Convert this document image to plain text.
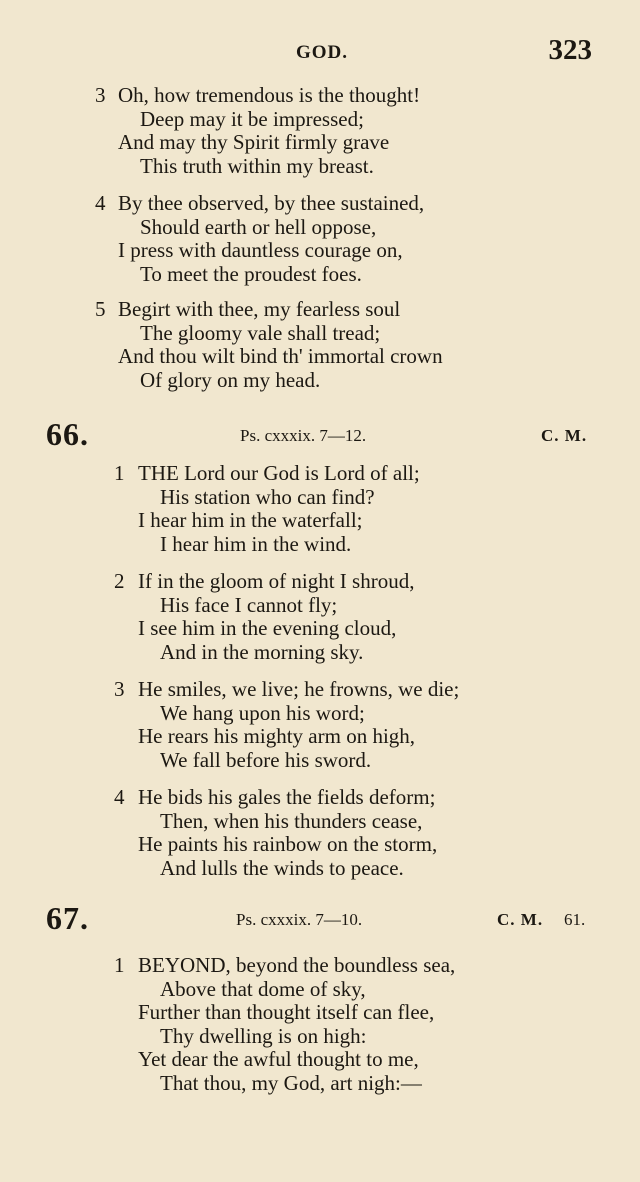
GOD.	323
3 Oh, how tremendous is the thought!
Deep may it be impressed;
And may thy Spirit firmly grave
This truth within my breast.
4 By thee observed, by thee sustained,
Should earth or hell oppose,
I press with dauntless courage on,
To meet the proudest foes.
5 Begirt with thee, my fearless soul
The gloomy vale shall tread;
And thou wilt bind th' immortal crown
Of glory on my head.
66.	Ps. cxxxix. 7—12.	C. M.
1 THE Lord our God is Lord of all;
His station who can find?
I hear him in the waterfall;
I hear him in the wind.
2 If in the gloom of night I shroud,
His face I cannot fly;
I see him in the evening cloud,
And in the morning sky.
3 He smiles, we live; he frowns, we die;
We hang upon his word;
He rears his mighty arm on high,
We fall before his sword.
4 He bids his gales the fields deform;
Then, when his thunders cease,
He paints his rainbow on the storm,
And lulls the winds to peace.
67.	Ps. cxxxix. 7—10.	C. M. 61.
1 BEYOND, beyond the boundless sea,
Above that dome of sky,
Further than thought itself can flee,
Thy dwelling is on high:
Yet dear the awful thought to me,
That thou, my God, art nigh:—
